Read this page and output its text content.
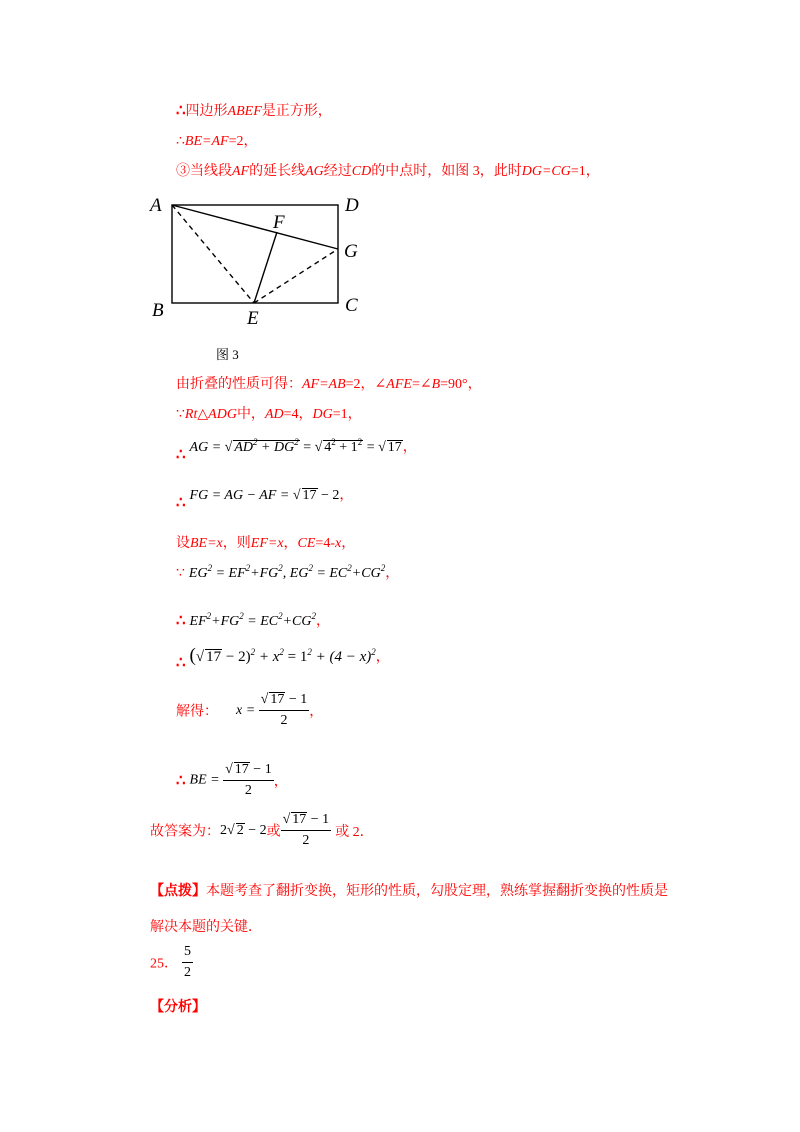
∴四边形ABEF是正方形，
∴BE=AF=2，
③当线段AF的延长线AG经过CD的中点时，如图 3，此时DG=CG=1，
A	D
B	C
E
F
G
图 3
由折叠的性质可得：AF=AB=2，∠AFE=∠B=90°，
∵Rt△ADG中，AD=4，DG=1，
∴ AG = √ $AD^2 + DG^2$ = √ $4^2 + 1^2$ = √ 17，
∴ FG = AG − AF = √ 17 − 2，
设BE=x，则EF=x，CE=4-x，
∵ $EG^2 = EF^2+FG^2$, $EG^2 = EC^2+CG^2$，
∴ $EF^2+FG^2 = EC^2+CG^2$，
∴ (√ $17 - 2)^2 + x^2 = 1^2 + (4 - x)^2$，
解得： $x = \frac{√ 17 - 1}{2}$ ，
∴ BE = $\frac{√ 17 - 1}{2}$ ，
故答案为：2√ 2 − 2或 $\frac{√ 17 - 1}{2}$ 或 2．
【点拨】本题考查了翻折变换，矩形的性质，勾股定理，熟练掌握翻折变换的性质是
解决本题的关键．
25． $\frac{5}{2}$
【分析】
